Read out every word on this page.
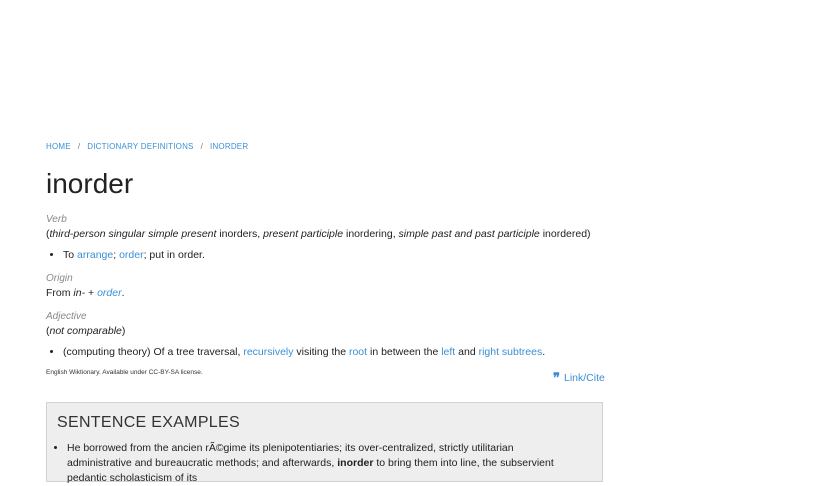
HOME / DICTIONARY DEFINITIONS / INORDER
inorder

Verb

(third-person singular simple present inorders, present participle inordering, simple past and past participle inordered)

• To arrange; order; put in order.

Origin

From in- + order.

Adjective

(not comparable)

• (computing theory) Of a tree traversal, recursively visiting the root in between the left and right subtrees.
English Wiktionary. Available under CC-BY-SA license.	❞ Link/Cite
SENTENCE EXAMPLES
• He borrowed from the ancien rÃ©gime its plenipotentiaries; its over-centralized, strictly utilitarian administrative and bureaucratic methods; and afterwards, inorder to bring them into line, the subservient pedantic scholasticism of its
